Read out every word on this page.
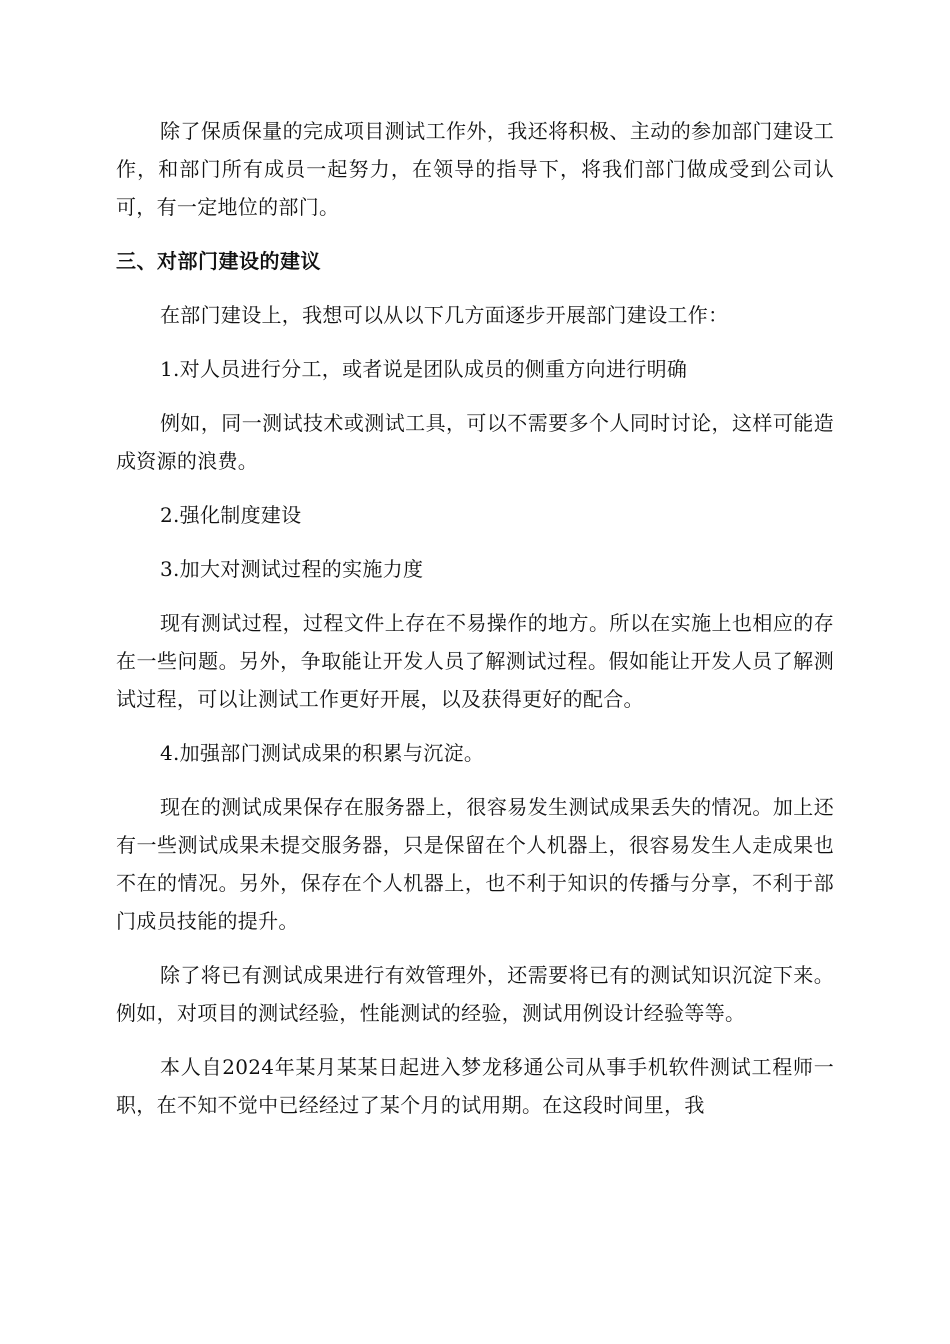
除了保质保量的完成项目测试工作外，我还将积极、主动的参加部门建设工作，和部门所有成员一起努力，在领导的指导下，将我们部门做成受到公司认可，有一定地位的部门。

三、对部门建设的建议

在部门建设上，我想可以从以下几方面逐步开展部门建设工作：

1.对人员进行分工，或者说是团队成员的侧重方向进行明确

例如，同一测试技术或测试工具，可以不需要多个人同时讨论，这样可能造成资源的浪费。

2.强化制度建设

3.加大对测试过程的实施力度

现有测试过程，过程文件上存在不易操作的地方。所以在实施上也相应的存在一些问题。另外，争取能让开发人员了解测试过程。假如能让开发人员了解测试过程，可以让测试工作更好开展，以及获得更好的配合。

4.加强部门测试成果的积累与沉淀。

现在的测试成果保存在服务器上，很容易发生测试成果丢失的情况。加上还有一些测试成果未提交服务器，只是保留在个人机器上，很容易发生人走成果也不在的情况。另外，保存在个人机器上，也不利于知识的传播与分享，不利于部门成员技能的提升。

除了将已有测试成果进行有效管理外，还需要将已有的测试知识沉淀下来。例如，对项目的测试经验，性能测试的经验，测试用例设计经验等等。

本人自2024年某月某某日起进入梦龙移通公司从事手机软件测试工程师一职，在不知不觉中已经经过了某个月的试用期。在这段时间里，我
